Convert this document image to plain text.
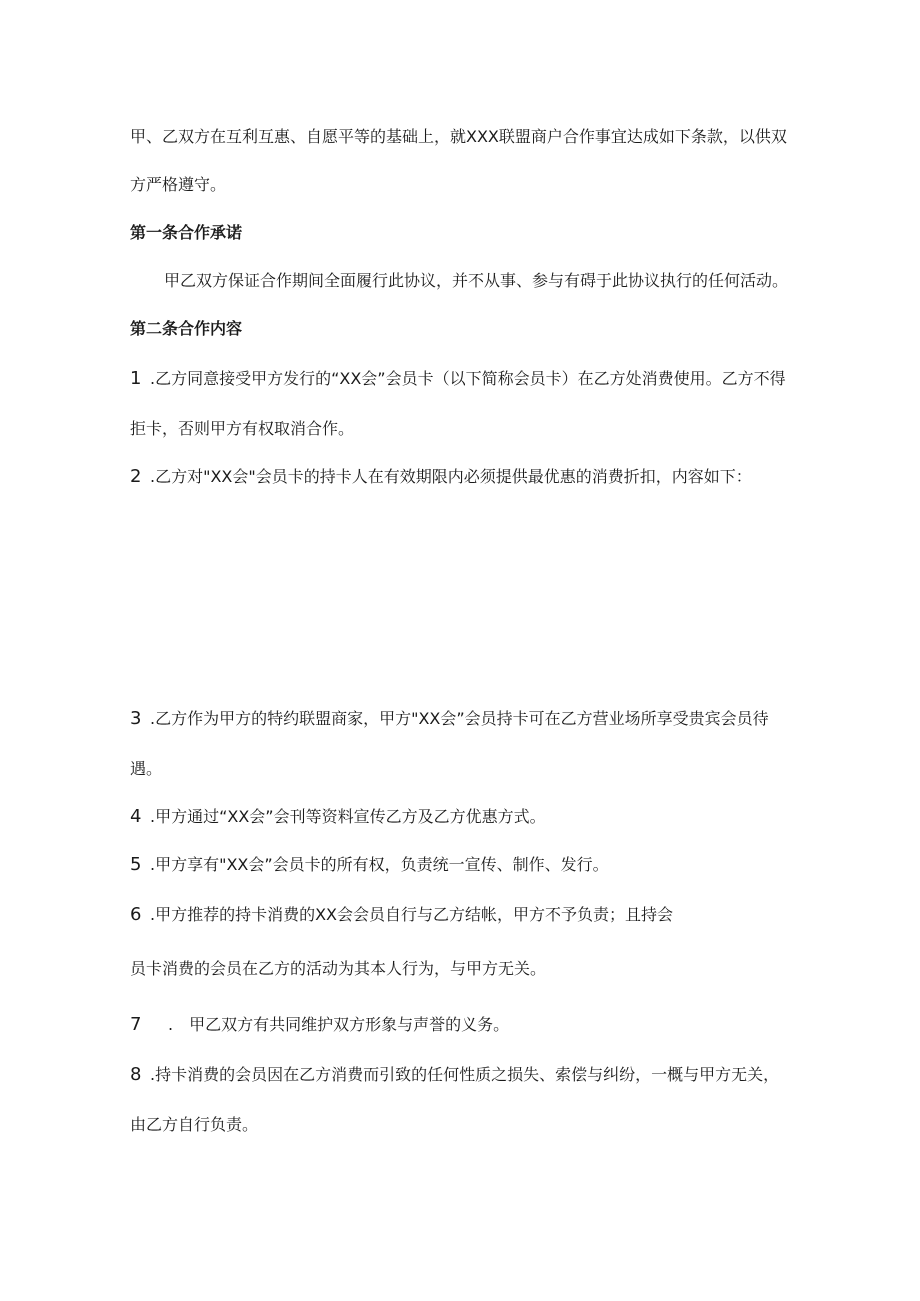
甲、乙双方在互利互惠、自愿平等的基础上，就XXX联盟商户合作事宜达成如下条款，以供双
方严格遵守。
第一条合作承诺
甲乙双方保证合作期间全面履行此协议，并不从事、参与有碍于此协议执行的任何活动。
第二条合作内容
1 .乙方同意接受甲方发行的“XX会”会员卡（以下简称会员卡）在乙方处消费使用。乙方不得
拒卡，否则甲方有权取消合作。
2 .乙方对"XX会"会员卡的持卡人在有效期限内必须提供最优惠的消费折扣，内容如下：
3 .乙方作为甲方的特约联盟商家，甲方"XX会”会员持卡可在乙方营业场所享受贵宾会员待
遇。
4 .甲方通过“XX会”会刊等资料宣传乙方及乙方优惠方式。
5 .甲方享有"XX会”会员卡的所有权，负责统一宣传、制作、发行。
6 .甲方推荐的持卡消费的XX会会员自行与乙方结帐，甲方不予负责；且持会
员卡消费的会员在乙方的活动为其本人行为，与甲方无关。
7 .　甲乙双方有共同维护双方形象与声誉的义务。
8 .持卡消费的会员因在乙方消费而引致的任何性质之损失、索偿与纠纷，一概与甲方无关，
由乙方自行负责。
